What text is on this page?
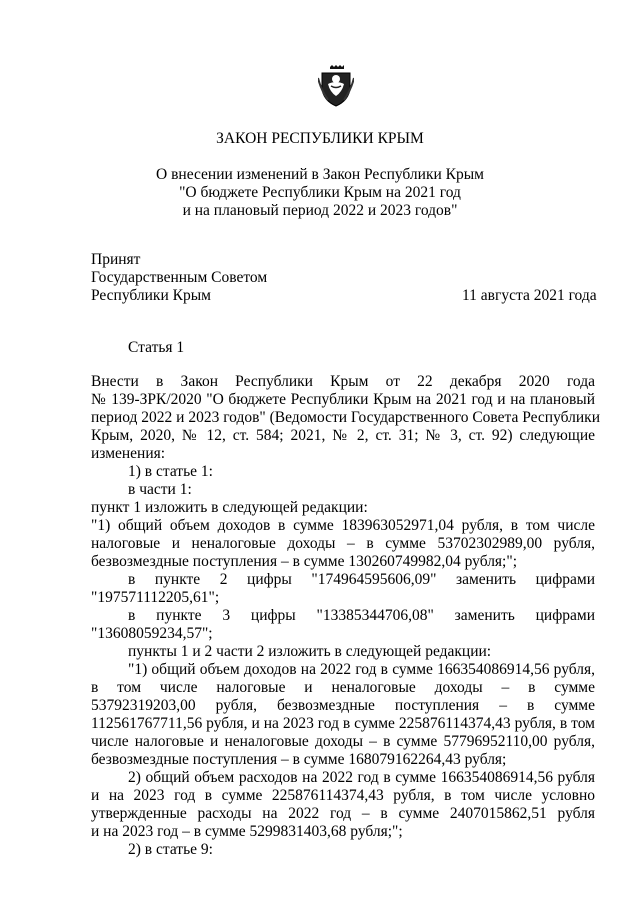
ЗАКОН РЕСПУБЛИКИ КРЫМ
О внесении изменений в Закон Республики Крым
"О бюджете Республики Крым на 2021 год
и на плановый период 2022 и 2023 годов"
Принят
Государственным Советом
Республики Крым	11 августа 2021 года
Статья 1
Внести в Закон Республики Крым от 22 декабря 2020 года
№ 139-ЗРК/2020 "О бюджете Республики Крым на 2021 год и на плановый
период 2022 и 2023 годов" (Ведомости Государственного Совета Республики
Крым, 2020, № 12, ст. 584; 2021, № 2, ст. 31; № 3, ст. 92) следующие
изменения:
1) в статье 1:
в части 1:
пункт 1 изложить в следующей редакции:
"1) общий объем доходов в сумме 183963052971,04 рубля, в том числе
налоговые и неналоговые доходы – в сумме 53702302989,00 рубля,
безвозмездные поступления – в сумме 130260749982,04 рубля;";
в пункте 2 цифры "174964595606,09" заменить цифрами
"197571112205,61";
в пункте 3 цифры "13385344706,08" заменить цифрами
"13608059234,57";
пункты 1 и 2 части 2 изложить в следующей редакции:
"1) общий объем доходов на 2022 год в сумме 166354086914,56 рубля,
в том числе налоговые и неналоговые доходы – в сумме
53792319203,00 рубля, безвозмездные поступления – в сумме
112561767711,56 рубля, и на 2023 год в сумме 225876114374,43 рубля, в том
числе налоговые и неналоговые доходы – в сумме 57796952110,00 рубля,
безвозмездные поступления – в сумме 168079162264,43 рубля;
2) общий объем расходов на 2022 год в сумме 166354086914,56 рубля
и на 2023 год в сумме 225876114374,43 рубля, в том числе условно
утвержденные расходы на 2022 год – в сумме 2407015862,51 рубля
и на 2023 год – в сумме 5299831403,68 рубля;";
2) в статье 9:
